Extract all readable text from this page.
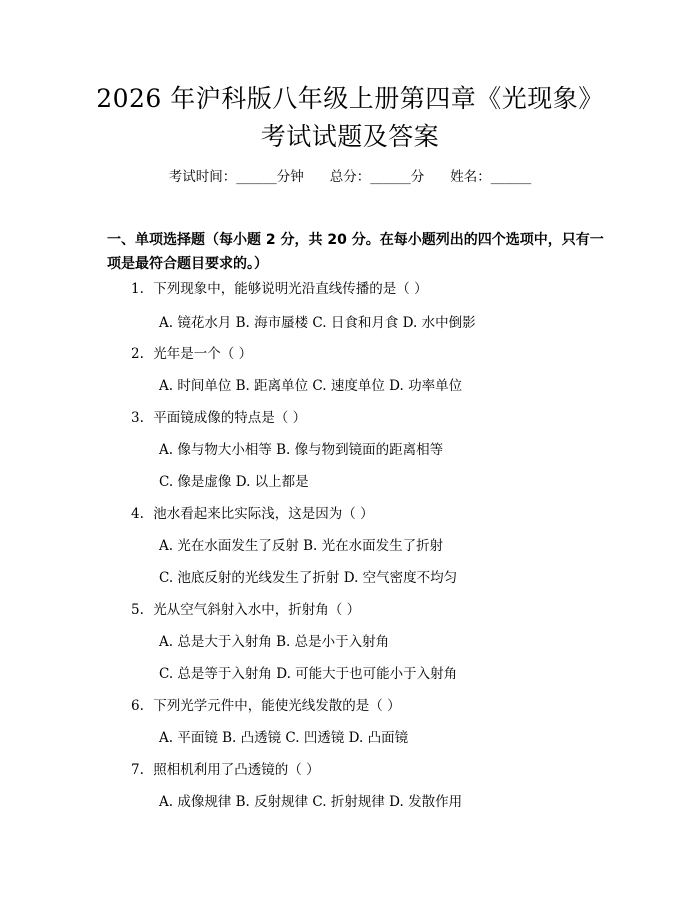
2026 年沪科版八年级上册第四章《光现象》
考试试题及答案
考试时间：______分钟 总分：______分 姓名：______
一、单项选择题（每小题 2 分，共 20 分。在每小题列出的四个选项中，只有一项是最符合题目要求的。）
1. 下列现象中，能够说明光沿直线传播的是（ ）
A. 镜花水月 B. 海市蜃楼 C. 日食和月食 D. 水中倒影
2. 光年是一个（ ）
A. 时间单位 B. 距离单位 C. 速度单位 D. 功率单位
3. 平面镜成像的特点是（ ）
A. 像与物大小相等 B. 像与物到镜面的距离相等
C. 像是虚像 D. 以上都是
4. 池水看起来比实际浅，这是因为（ ）
A. 光在水面发生了反射 B. 光在水面发生了折射
C. 池底反射的光线发生了折射 D. 空气密度不均匀
5. 光从空气斜射入水中，折射角（ ）
A. 总是大于入射角 B. 总是小于入射角
C. 总是等于入射角 D. 可能大于也可能小于入射角
6. 下列光学元件中，能使光线发散的是（ ）
A. 平面镜 B. 凸透镜 C. 凹透镜 D. 凸面镜
7. 照相机利用了凸透镜的（ ）
A. 成像规律 B. 反射规律 C. 折射规律 D. 发散作用
